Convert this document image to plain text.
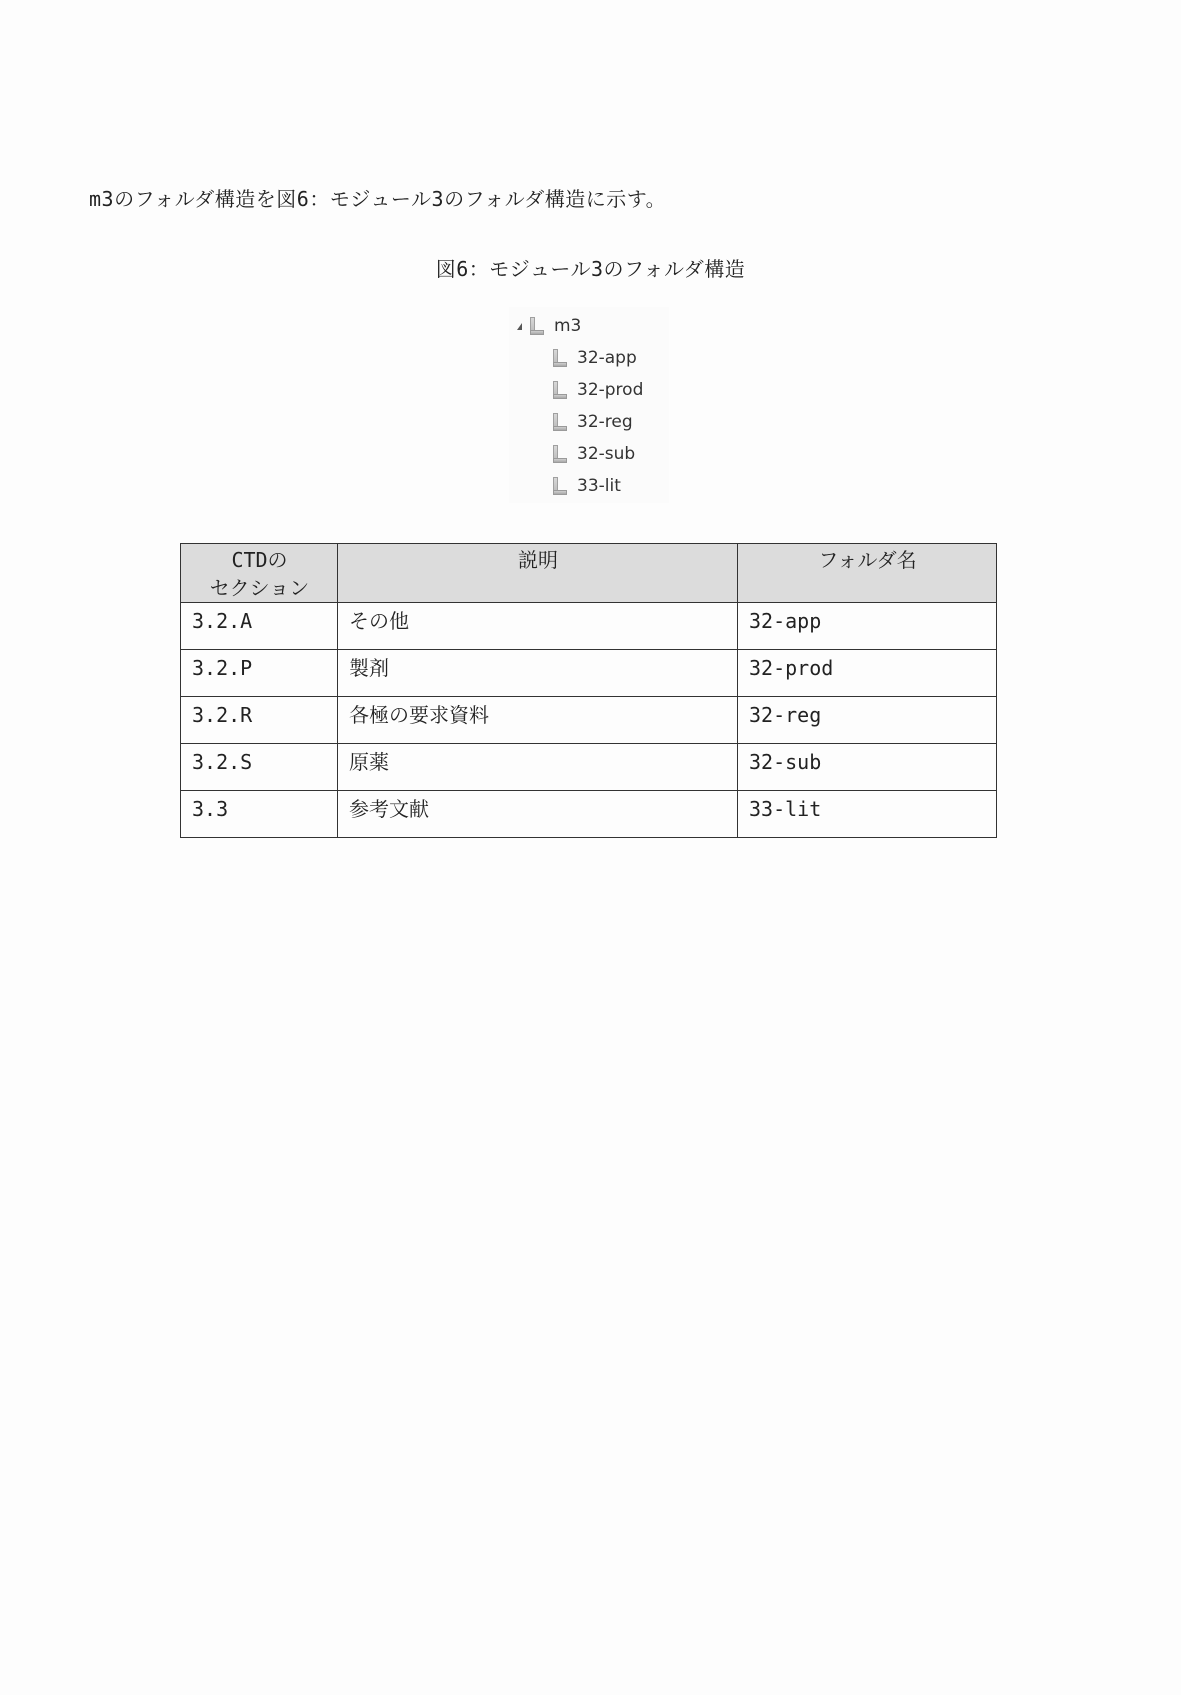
m3のフォルダ構造を図6：モジュール3のフォルダ構造に示す。
図6：モジュール3のフォルダ構造
m3
32-app
32-prod
32-reg
32-sub
33-lit
CTDの
セクション	説明	フォルダ名
3.2.A	その他	32-app
3.2.P	製剤	32-prod
3.2.R	各極の要求資料	32-reg
3.2.S	原薬	32-sub
3.3	参考文献	33-lit
